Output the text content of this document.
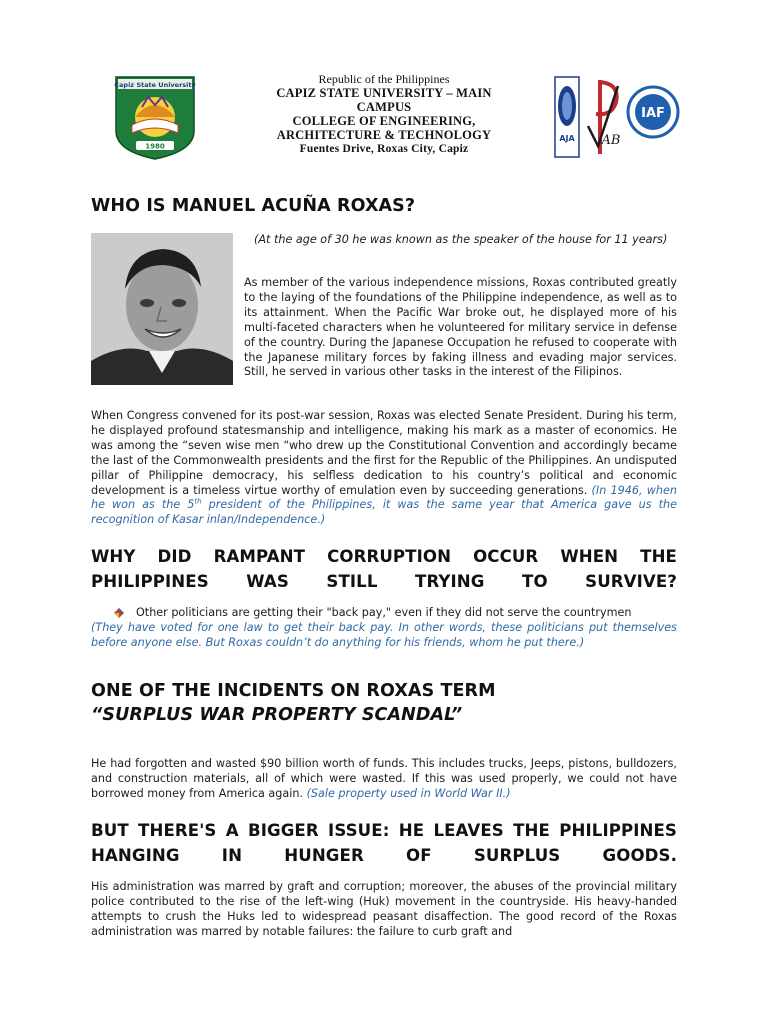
Capiz State University
1980
Republic of the Philippines
CAPIZ STATE UNIVERSITY – MAIN
CAMPUS
COLLEGE OF ENGINEERING,
ARCHITECTURE & TECHNOLOGY
Fuentes Drive, Roxas City, Capiz
AJA AB
IAF
WHO IS MANUEL ACUÑA ROXAS?
(At the age of 30 he was known as the speaker of the house for 11 years)
As member of the various independence missions, Roxas contributed greatly to the laying of the foundations of the Philippine independence, as well as to its attainment. When the Pacific War broke out, he displayed more of his multi-faceted characters when he volunteered for military service in defense of the country. During the Japanese Occupation he refused to cooperate with the Japanese military forces by faking illness and evading major services. Still, he served in various other tasks in the interest of the Filipinos.
When Congress convened for its post-war session, Roxas was elected Senate President. During his term, he displayed profound statesmanship and intelligence, making his mark as a master of economics. He was among the “seven wise men “who drew up the Constitutional Convention and accordingly became the last of the Commonwealth presidents and the first for the Republic of the Philippines. An undisputed pillar of Philippine democracy, his selfless dedication to his country’s political and economic development is a timeless virtue worthy of emulation even by succeeding generations. (In 1946, when he won as the 5th president of the Philippines, it was the same year that America gave us the recognition of Kasar inlan/Independence.)
WHY DID RAMPANT CORRUPTION OCCUR WHEN THE PHILIPPINES WAS STILL TRYING TO SURVIVE?
Other politicians are getting their "back pay," even if they did not serve the countrymen
(They have voted for one law to get their back pay. In other words, these politicians put themselves before anyone else. But Roxas couldn’t do anything for his friends, whom he put there.)
ONE OF THE INCIDENTS ON ROXAS TERM
“SURPLUS WAR PROPERTY SCANDAL”
He had forgotten and wasted $90 billion worth of funds. This includes trucks, Jeeps, pistons, bulldozers, and construction materials, all of which were wasted. If this was used properly, we could not have borrowed money from America again. (Sale property used in World War II.)
BUT THERE'S A BIGGER ISSUE: HE LEAVES THE PHILIPPINES HANGING IN HUNGER OF SURPLUS GOODS.
His administration was marred by graft and corruption; moreover, the abuses of the provincial military police contributed to the rise of the left-wing (Huk) movement in the countryside. His heavy-handed attempts to crush the Huks led to widespread peasant disaffection. The good record of the Roxas administration was marred by notable failures: the failure to curb graft and
